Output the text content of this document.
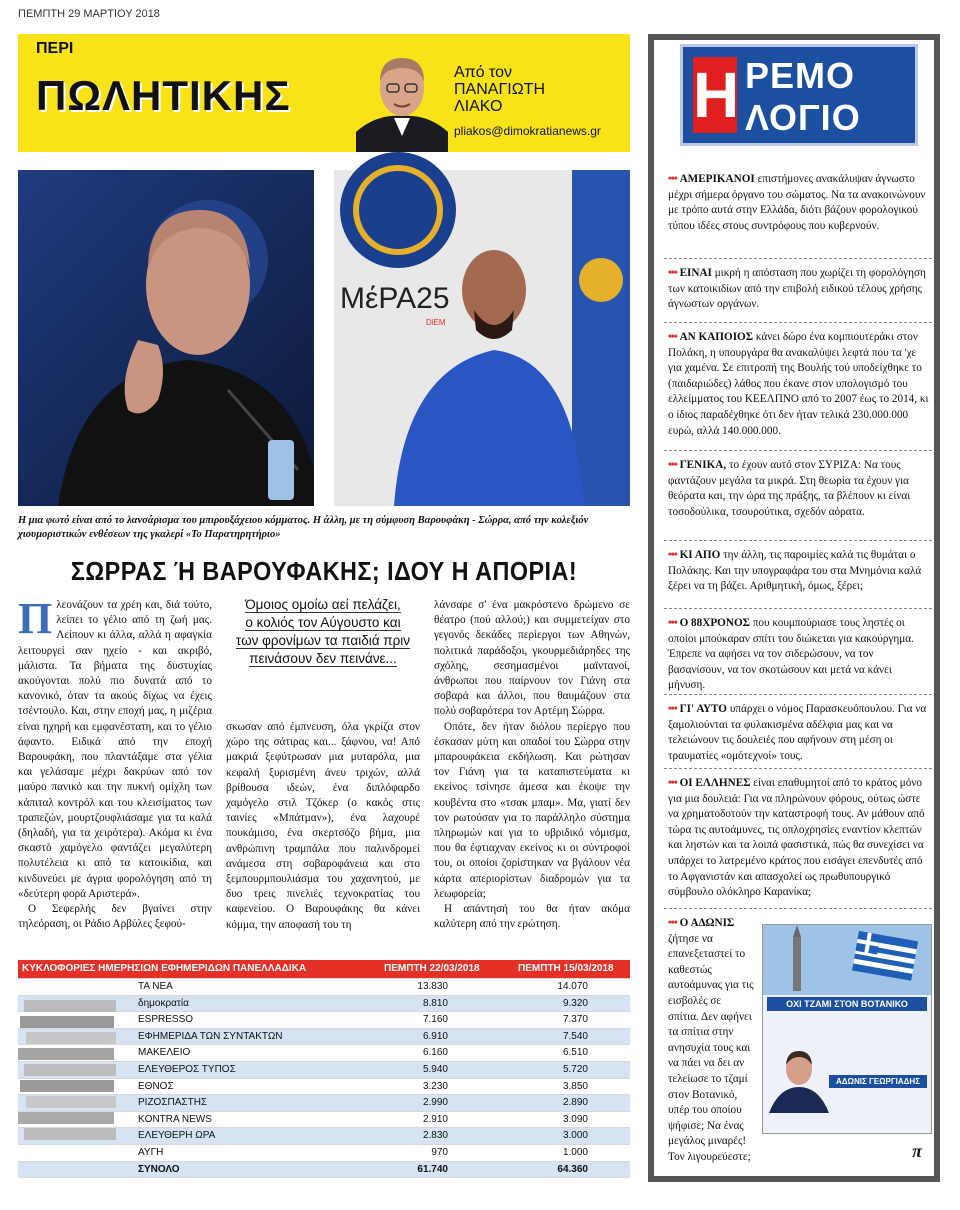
ΠΕΜΠΤΗ 29 ΜΑΡΤΙΟΥ 2018
ΠΕΡΙ
ΠΩΛΗΤΙΚΗΣ	Από τον
ΠΑΝΑΓΙΩΤΗ
ΛΙΑΚΟ
pliakos@dimokratianews.gr
ΜέΡΑ25
DiEM
Η μια φωτό είναι από το λανσάρισμα του μπιρουξάχειου κόμματος. Η άλλη, με τη σύμφυση Βαρουφάκη - Σώρρα, από την κολεξιόν χιουμοριστικών ενθέσεων της γκαλερί «Το Παρατηρητήριο»
ΣΩΡΡΑΣ Ή ΒΑΡΟΥΦΑΚΗΣ; ΙΔΟΥ Η ΑΠΟΡΙΑ!
Π λεονάζουν τα χρέη και, διά τούτο, λείπει το γέλιο από τη ζωή μας. Λείπουν κι άλλα, αλλά η αφαγκία λειτουργεί σαν ηχείο - και ακριβό, μάλιστα. Τα βήματα της δυστυχίας ακούγονται πολύ πιο δυνατά από το κανονικό, όταν τα ακούς δίχως να έχεις τσέντουλο. Και, στην εποχή μας, η μιζέρια είναι ηχηρή και εμφανέστατη, και το γέλιο άφαντο. Ειδικά από την εποχή Βαρουφάκη, που πλαντάξαμε στα γέλια και γελάσαμε μέχρι δακρύων από τον μαύρο πανικό και την πυκνή ομίχλη των κάπιταλ κοντρόλ και του κλεισίματος των τραπεζών, μουρτζουφλιάσαμε για τα καλά (δηλαδή, για τα χειρότερα). Ακόμα κι ένα σκαστό χαμόγελο φαντάζει μεγαλύτερη πολυτέλεια κι από τα κατοικίδια, και κινδυνεύει με άγρια φορολόγηση από τη «δεύτερη φορά Αριστερά».

Ο Σεφερλής δεν βγαίνει στην τηλεόραση, οι Ράδιο Αρβύλες ξεφού-

Όμοιος ομοίω αεί πελάζει,
ο κολιός τον Αύγουστο και
των φρονίμων τα παιδιά πριν
πεινάσουν δεν πεινάνε...

σκωσαν από έμπνευση, όλα γκρίζα στον χώρο της σάτιρας και... ξάφνου, να! Από μακριά ξεφύτρωσαν μια μυταρόλα, μια κεφαλή ξυρισμένη άνευ τριχών, αλλά βρίθουσα ιδεών, ένα διπλόφαρδο χαμόγελο στιλ Τζόκερ (ο κακός στις ταινίες «Μπάτμαν»), ένα λαχουρέ πουκάμισο, ένα σκερτσόζο βήμα, μια ανθρώπινη τραμπάλα που παλινδρομεί ανάμεσα στη σοβαροφάνεια και στο ξεμπουρμπουλιάσμα του χαχανητού, με δυο τρεις πινελιές τεχνοκρατίας του καφενείου. Ο Βαρουφάκης θα κάνει κόμμα, την αποφασή του τη

λάνσαρε σ' ένα μακρόστενο δρώμενο σε θέατρο (πού αλλού;) και συμμετείχαν στο γεγονός δεκάδες περίεργοι των Αθηνών, πολιτικά παράδοξοι, γκουρμεδιάρηδες της σχόλης, σεσημασμένοι μαϊντανοί, άνθρωποι που παίρνουν τον Γιάνη στα σοβαρά και άλλοι, που θαυμάζουν στα πολύ σοβαρότερα τον Αρτέμη Σώρρα.

Οπότε, δεν ήταν διόλου περίεργο που έσκασαν μύτη και οπαδοί του Σώρρα στην μπαρουφάκεια εκδήλωση. Και ρώτησαν τον Γιάνη για τα καταπιστεύματα κι εκείνος τσίνησε άμεσα και έκοψε την κουβέντα στο «τσακ μπαμ». Μα, γιατί δεν τον ρωτούσαν για το παράλληλο σύστημα πληρωμών και για το υβριδικό νόμισμα, που θα έφτιαχναν εκείνος κι οι σύντροφοί του, οι οποίοι ζορίστηκαν να βγάλουν νέα κάρτα απεριορίστων διαδρομών για τα λεωφορεία;

Η απάντησή του θα ήταν ακόμα καλύτερη από την ερώτηση.

ΚΥΚΛΟΦΟΡΙΕΣ ΗΜΕΡΗΣΙΩΝ ΕΦΗΜΕΡΙΔΩΝ ΠΑΝΕΛΛΑΔΙΚΑ	ΠΕΜΠΤΗ 22/03/2018	ΠΕΜΠΤΗ 15/03/2018
ΤΑ ΝΕΑ	13.830	14.070
δημοκρατία	8.810	9.320
ESPRESSO	7.160	7.370
ΕΦΗΜΕΡΙΔΑ ΤΩΝ ΣΥΝΤΑΚΤΩΝ	6.910	7.540
ΜΑΚΕΛΕΙΟ	6.160	6.510
ΕΛΕΥΘΕΡΟΣ ΤΥΠΟΣ	5.940	5.720
ΕΘΝΟΣ	3.230	3.850
ΡΙΖΟΣΠΑΣΤΗΣ	2.990	2.890
KONTRA NEWS	2.910	3.090
ΕΛΕΥΘΕΡΗ ΩΡΑ	2.830	3.000
ΑΥΓΗ	970	1.000
ΣΥΝΟΛΟ	61.740	64.360
Η ΡΕΜΟ
ΛΟΓΙΟ

••• ΑΜΕΡΙΚΑΝΟΙ επιστήμονες ανακάλυψαν άγνωστο μέχρι σήμερα όργανο του σώματος. Να τα ανακοινώνουν με τρόπο αυτά στην Ελλάδα, διότι βάζουν φορολογικού τύπου ιδέες στους συντρόφους που κυβερνούν.

••• ΕΙΝΑΙ μικρή η απόσταση που χωρίζει τη φορολόγηση των κατοικιδίων από την επιβολή ειδικού τέλους χρήσης άγνωστων οργάνων.

••• ΑΝ ΚΑΠΟΙΟΣ κάνει δώρο ένα κομπιουτεράκι στον Πολάκη, η υπουργάρα θα ανακαλύψει λεφτά που τα 'χε για χαμένα. Σε επιτροπή της Βουλής τού υποδείχθηκε το (παιδαριώδες) λάθος που έκανε στον υπολογισμό του ελλείμματος του ΚΕΕΛΠΝΟ από το 2007 έως το 2014, κι ο ίδιος παραδέχθηκε ότι δεν ήταν τελικά 230.000.000 ευρώ, αλλά 140.000.000.

••• ΓΕΝΙΚΑ, το έχουν αυτό στον ΣΥΡΙΖΑ: Να τους φαντάζουν μεγάλα τα μικρά. Στη θεωρία τα έχουν για θεόρατα και, την ώρα της πράξης, τα βλέπουν κι είναι τοσοδούλικα, τσουρούτικα, σχεδόν αόρατα.

••• ΚΙ ΑΠΟ την άλλη, τις παροιμίες καλά τις θυμάται ο Πολάκης. Και την υπογραφάρα του στα Μνημόνια καλά ξέρει να τη βάζει. Αριθμητική, όμως, ξέρει;

••• Ο 88ΧΡΟΝΟΣ που κουμπούριασε τους ληστές οι οποίοι μπούκαραν σπίτι του διώκεται για κακούργημα. Έπρεπε να αφήσει να τον σιδερώσουν, να τον βασανίσουν, να τον σκοτώσουν και μετά να κάνει μήνυση.

••• ΓΙ' ΑΥΤΟ υπάρχει ο νόμος Παρασκευόπουλου. Για να ξαμολιούνται τα φυλακισμένα αδέλφια μας και να τελειώνουν τις δουλειές που αφήνουν στη μέση οι τραυματίες «ομότεχνοί» τους.

••• ΟΙ ΕΛΛΗΝΕΣ είναι επαθυμητοί από το κράτος μόνο για μια δουλειά: Για να πληρώνουν φόρους, ούτως ώστε να χρηματοδοτούν την καταστροφή τους. Αν μάθουν από τώρα τις αυτοάμυνες, τις οπλοχρησίες εναντίον κλεπτών και ληστών και τα λοιπά φασιστικά, πώς θα συνεχίσει να υπάρχει το λατρεμένο κράτος που εισάγει επενδυτές από το Αφγανιστάν και απασχολεί ως πρωθυπουργικό σύμβουλο ολόκληρο Καρανίκα;

••• Ο ΑΔΩΝΙΣ ζήτησε να επανεξεταστεί το καθεστώς αυτοάμυνας για τις εισβολές σε σπίτια. Δεν αφήνει τα σπίτια στην ανησυχία τους και να πάει να δει αν τελείωσε το τζαμί στον Βοτανικό, υπέρ του οποίου ψήφισε; Να ένας μεγάλος μιναρές! Τον λιγουρεύεστε;

ΟΧΙ ΤΖΑΜΙ ΣΤΟΝ ΒΟΤΑΝΙΚΟ
ΑΔΩΝΙΣ ΓΕΩΡΓΙΑΔΗΣ
π
